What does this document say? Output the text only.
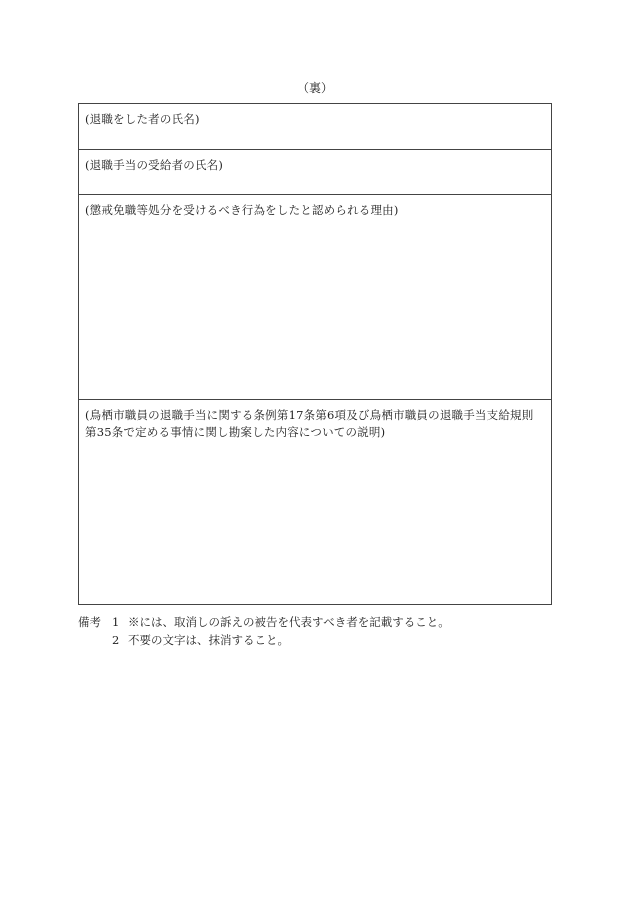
（裏）
(退職をした者の氏名)
(退職手当の受給者の氏名)
(懲戒免職等処分を受けるべき行為をしたと認められる理由)
(鳥栖市職員の退職手当に関する条例第17条第6項及び鳥栖市職員の退職手当支給規則第35条で定める事情に関し勘案した内容についての説明)
備考 1 ※には、取消しの訴えの被告を代表すべき者を記載すること。
2 不要の文字は、抹消すること。
